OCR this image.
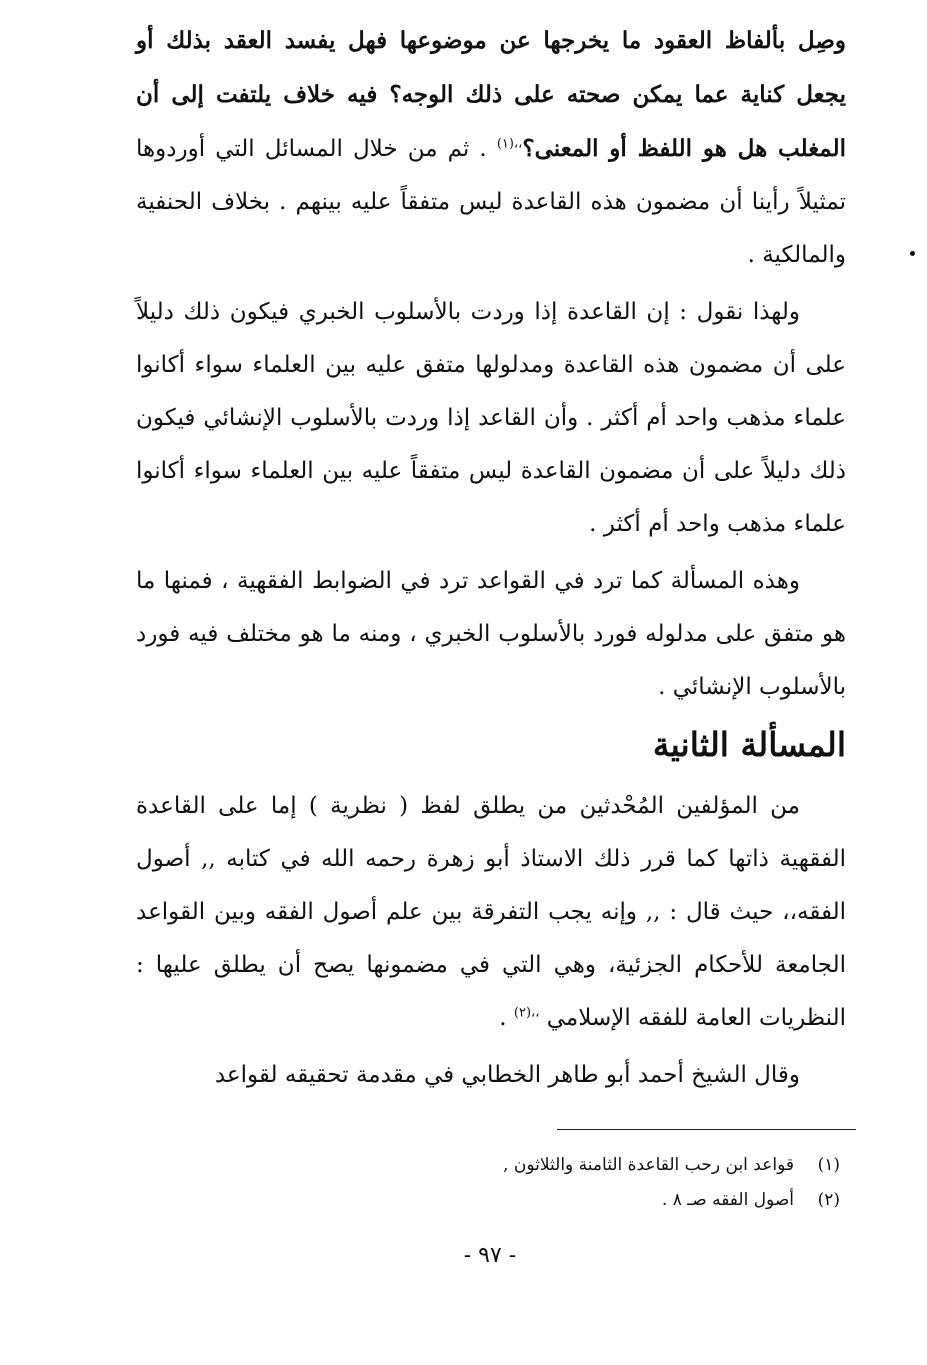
وصِل بألفاظ العقود ما يخرجها عن موضوعها فهل يفسد العقد بذلك أو يجعل كناية عما يمكن صحته على ذلك الوجه؟ فيه خلاف يلتفت إلى أن المغلب هل هو اللفظ أو المعنى؟$^{،،(١)}$ . ثم من خلال المسائل التي أوردوها تمثيلاً رأينا أن مضمون هذه القاعدة ليس متفقاً عليه بينهم . بخلاف الحنفية والمالكية .

ولهذا نقول : إن القاعدة إذا وردت بالأسلوب الخبري فيكون ذلك دليلاً على أن مضمون هذه القاعدة ومدلولها متفق عليه بين العلماء سواء أكانوا علماء مذهب واحد أم أكثر . وأن القاعد إذا وردت بالأسلوب الإنشائي فيكون ذلك دليلاً على أن مضمون القاعدة ليس متفقاً عليه بين العلماء سواء أكانوا علماء مذهب واحد أم أكثر .

وهذه المسألة كما ترد في القواعد ترد في الضوابط الفقهية ، فمنها ما هو متفق على مدلوله فورد بالأسلوب الخبري ، ومنه ما هو مختلف فيه فورد بالأسلوب الإنشائي .

المسألة الثانية

من المؤلفين المُحْدثين من يطلق لفظ ( نظرية ) إما على القاعدة الفقهية ذاتها كما قرر ذلك الاستاذ أبو زهرة رحمه الله في كتابه ,, أصول الفقه،، حيث قال : ,, وإنه يجب التفرقة بين علم أصول الفقه وبين القواعد الجامعة للأحكام الجزئية، وهي التي في مضمونها يصح أن يطلق عليها : النظريات العامة للفقه الإسلامي $^{،،(٢)}$ .

وقال الشيخ أحمد أبو طاهر الخطابي في مقدمة تحقيقه لقواعد

(١)قواعد ابن رحب القاعدة الثامنة والثلاثون ,
(٢)أصول الفقه صـ ٨ .
- ٩٧ -
